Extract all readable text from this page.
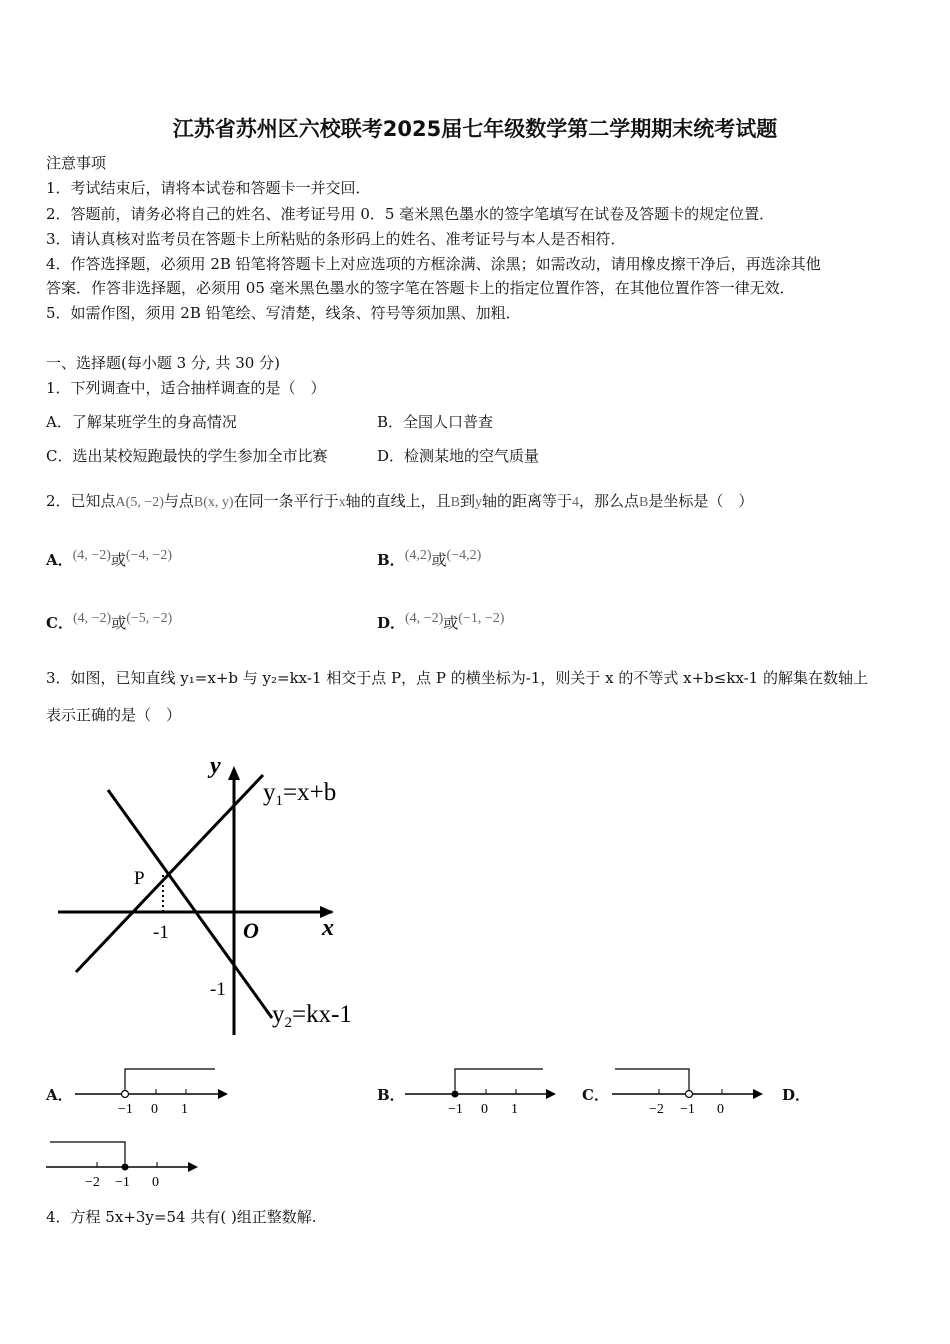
江苏省苏州区六校联考2025届七年级数学第二学期期末统考试题
注意事项
1．考试结束后，请将本试卷和答题卡一并交回．
2．答题前，请务必将自己的姓名、准考证号用 0．5 毫米黑色墨水的签字笔填写在试卷及答题卡的规定位置．
3．请认真核对监考员在答题卡上所粘贴的条形码上的姓名、准考证号与本人是否相符．
4．作答选择题，必须用 2B 铅笔将答题卡上对应选项的方框涂满、涂黑；如需改动，请用橡皮擦干净后，再选涂其他
答案．作答非选择题，必须用 05 毫米黑色墨水的签字笔在答题卡上的指定位置作答，在其他位置作答一律无效．
5．如需作图，须用 2B 铅笔绘、写清楚，线条、符号等须加黑、加粗．
一、选择题(每小题 3 分, 共 30 分)
1．下列调查中，适合抽样调查的是（　）
A．了解某班学生的身高情况	B．全国人口普查
C．选出某校短跑最快的学生参加全市比赛	D．检测某地的空气质量
2．已知点A(5, −2)与点B(x, y)在同一条平行于x轴的直线上，且B到y轴的距离等于4，那么点B是坐标是（　）
A．(4, −2)或(−4, −2)	B．(4,2)或(−4,2)
C．(4, −2)或(−5, −2)	D．(4, −2)或(−1, −2)
3．如图，已知直线 y₁=x+b 与 y₂=kx-1 相交于点 P，点 P 的横坐标为-1，则关于 x 的不等式 x+b≤kx-1 的解集在数轴上
表示正确的是（　）
y
x
O
P
-1
-1
$y_1=x+b$
$y_2=kx-1$
A．
−1 0 1
B．
−1 0 1
C．
−2 −1 0
D．
−2 −1 0
4．方程 5x+3y=54 共有( )组正整数解.
